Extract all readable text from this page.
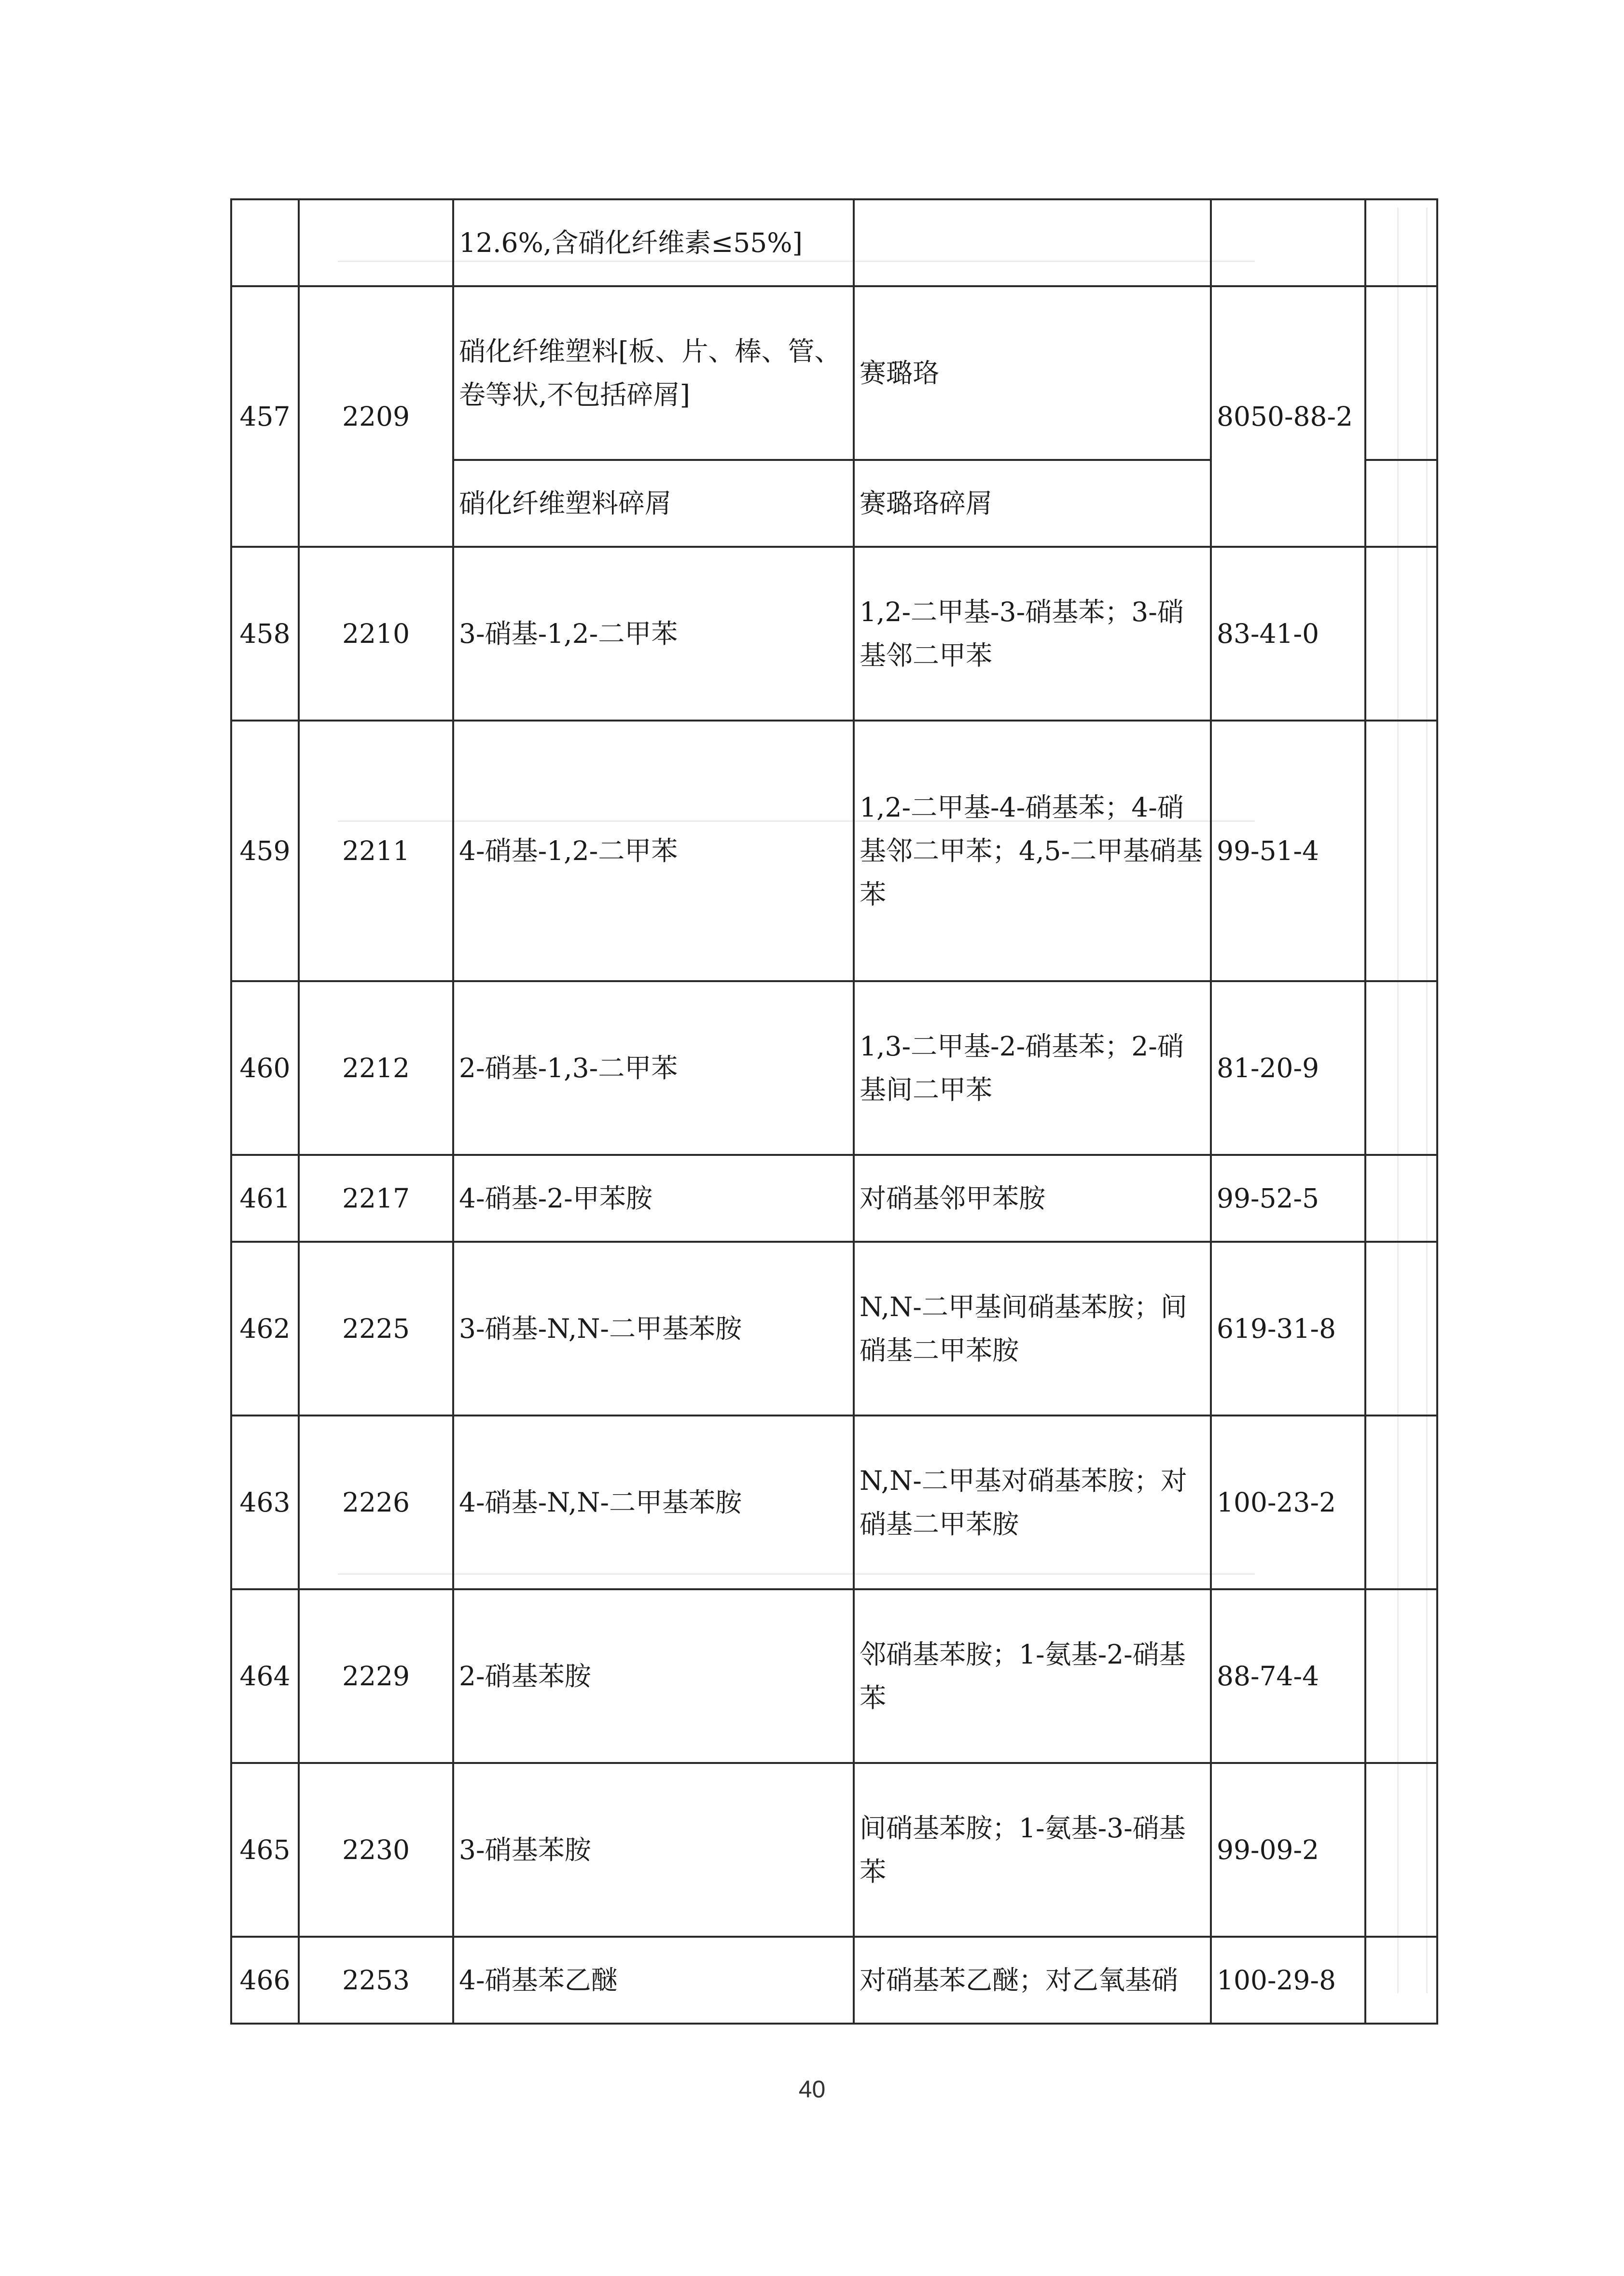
		12.6%,含硝化纤维素≤55%]			
457	2209	硝化纤维塑料[板、片、棒、管、卷等状,不包括碎屑]	赛璐珞	8050-88-2	
		硝化纤维塑料碎屑	赛璐珞碎屑		
458	2210	3-硝基-1,2-二甲苯	1,2-二甲基-3-硝基苯；3-硝基邻二甲苯	83-41-0	
459	2211	4-硝基-1,2-二甲苯	1,2-二甲基-4-硝基苯；4-硝基邻二甲苯；4,5-二甲基硝基苯	99-51-4	
460	2212	2-硝基-1,3-二甲苯	1,3-二甲基-2-硝基苯；2-硝基间二甲苯	81-20-9	
461	2217	4-硝基-2-甲苯胺	对硝基邻甲苯胺	99-52-5	
462	2225	3-硝基-N,N-二甲基苯胺	N,N-二甲基间硝基苯胺；间硝基二甲苯胺	619-31-8	
463	2226	4-硝基-N,N-二甲基苯胺	N,N-二甲基对硝基苯胺；对硝基二甲苯胺	100-23-2	
464	2229	2-硝基苯胺	邻硝基苯胺；1-氨基-2-硝基苯	88-74-4	
465	2230	3-硝基苯胺	间硝基苯胺；1-氨基-3-硝基苯	99-09-2	
466	2253	4-硝基苯乙醚	对硝基苯乙醚；对乙氧基硝	100-29-8	
40
